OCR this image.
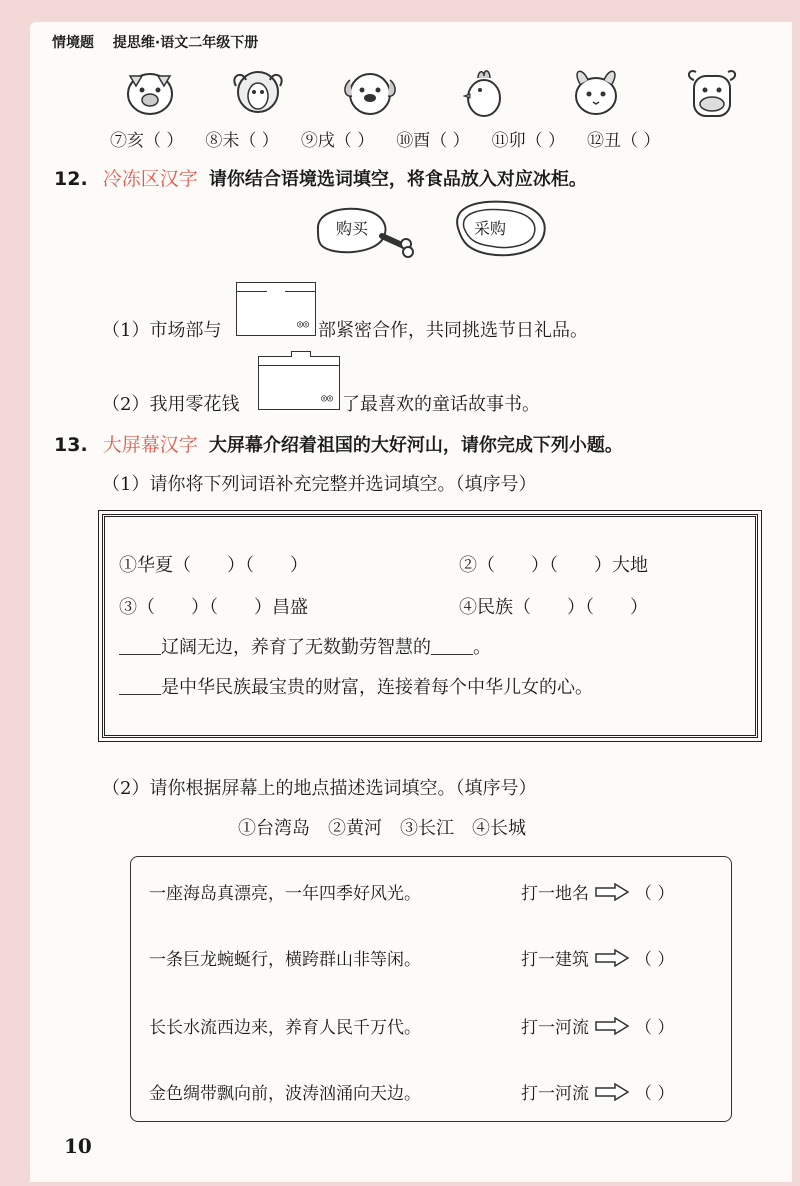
情境题 提思维·语文二年级下册
⑦亥（ ） ⑧未（ ） ⑨戌（ ） ⑩酉（ ） ⑪卯（ ） ⑫丑（ ）
12. 冷冻区汉字 请你结合语境选词填空，将食品放入对应冰柜。
购买	采购
（1）市场部与	◎◎ 部紧密合作，共同挑选节日礼品。
（2）我用零花钱	◎◎ 了最喜欢的童话故事书。
13. 大屏幕汉字 大屏幕介绍着祖国的大好河山，请你完成下列小题。
（1）请你将下列词语补充完整并选词填空。（填序号）
①华夏（　　）（　　）	②（　　）（　　）大地
③（　　）（　　）昌盛	④民族（　　）（　　）
辽阔无边，养育了无数勤劳智慧的 。
是中华民族最宝贵的财富，连接着每个中华儿女的心。
（2）请你根据屏幕上的地点描述选词填空。（填序号）
①台湾岛　②黄河　③长江　④长城
一座海岛真漂亮，一年四季好风光。	打一地名	（ ）
一条巨龙蜿蜒行，横跨群山非等闲。	打一建筑	（ ）
长长水流西边来，养育人民千万代。	打一河流	（ ）
金色绸带飘向前，波涛汹涌向天边。	打一河流	（ ）
10
